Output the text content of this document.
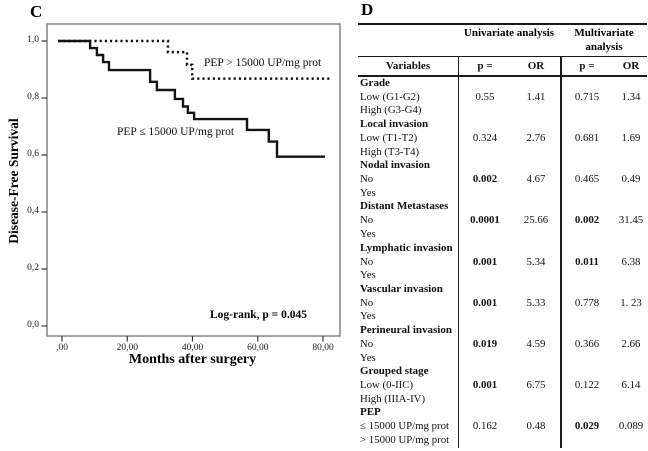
C
1,0
0,8
0,6
0,4
0,2
0,0
,00	20,00	40,00	60,00	80,00
Disease-Free Survival
Months after surgery
PEP > 15000 UP/mg prot
PEP ≤ 15000 UP/mg prot
Log-rank, p = 0.045
D
Univariate analysis	Multivariate analysis
Variables	p =	OR	p =	OR
Grade
Low (G1-G2)	0.55	1.41	0.715	1.34
High (G3-G4)
Local invasion
Low (T1-T2)	0.324	2.76	0.681	1.69
High (T3-T4)
Nodal invasion
No	0.002	4.67	0.465	0.49
Yes
Distant Metastases
No	0.0001	25.66	0.002	31.45
Yes
Lymphatic invasion
No	0.001	5.34	0.011	6.38
Yes
Vascular invasion
No	0.001	5.33	0.778	1. 23
Yes
Perineural invasion
No	0.019	4.59	0.366	2.66
Yes
Grouped stage
Low (0-IIC)	0.001	6.75	0.122	6.14
High (IIIA-IV)
PEP
≤ 15000 UP/mg prot	0.162	0.48	0.029	0.089
> 15000 UP/mg prot
